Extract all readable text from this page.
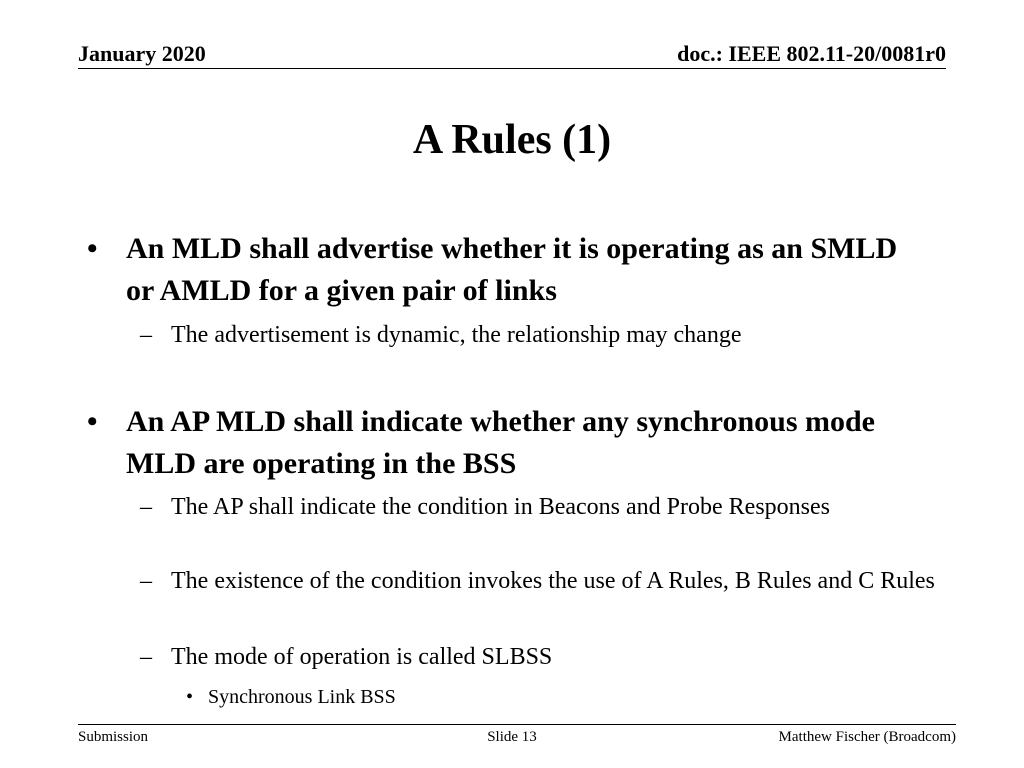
January 2020	doc.: IEEE 802.11-20/0081r0
A Rules (1)
• An MLD shall advertise whether it is operating as an SMLD or AMLD for a given pair of links
– The advertisement is dynamic, the relationship may change
• An AP MLD shall indicate whether any synchronous mode MLD are operating in the BSS
– The AP shall indicate the condition in Beacons and Probe Responses
– The existence of the condition invokes the use of A Rules, B Rules and C Rules
– The mode of operation is called SLBSS
• Synchronous Link BSS
Submission	Slide 13	Matthew Fischer (Broadcom)
